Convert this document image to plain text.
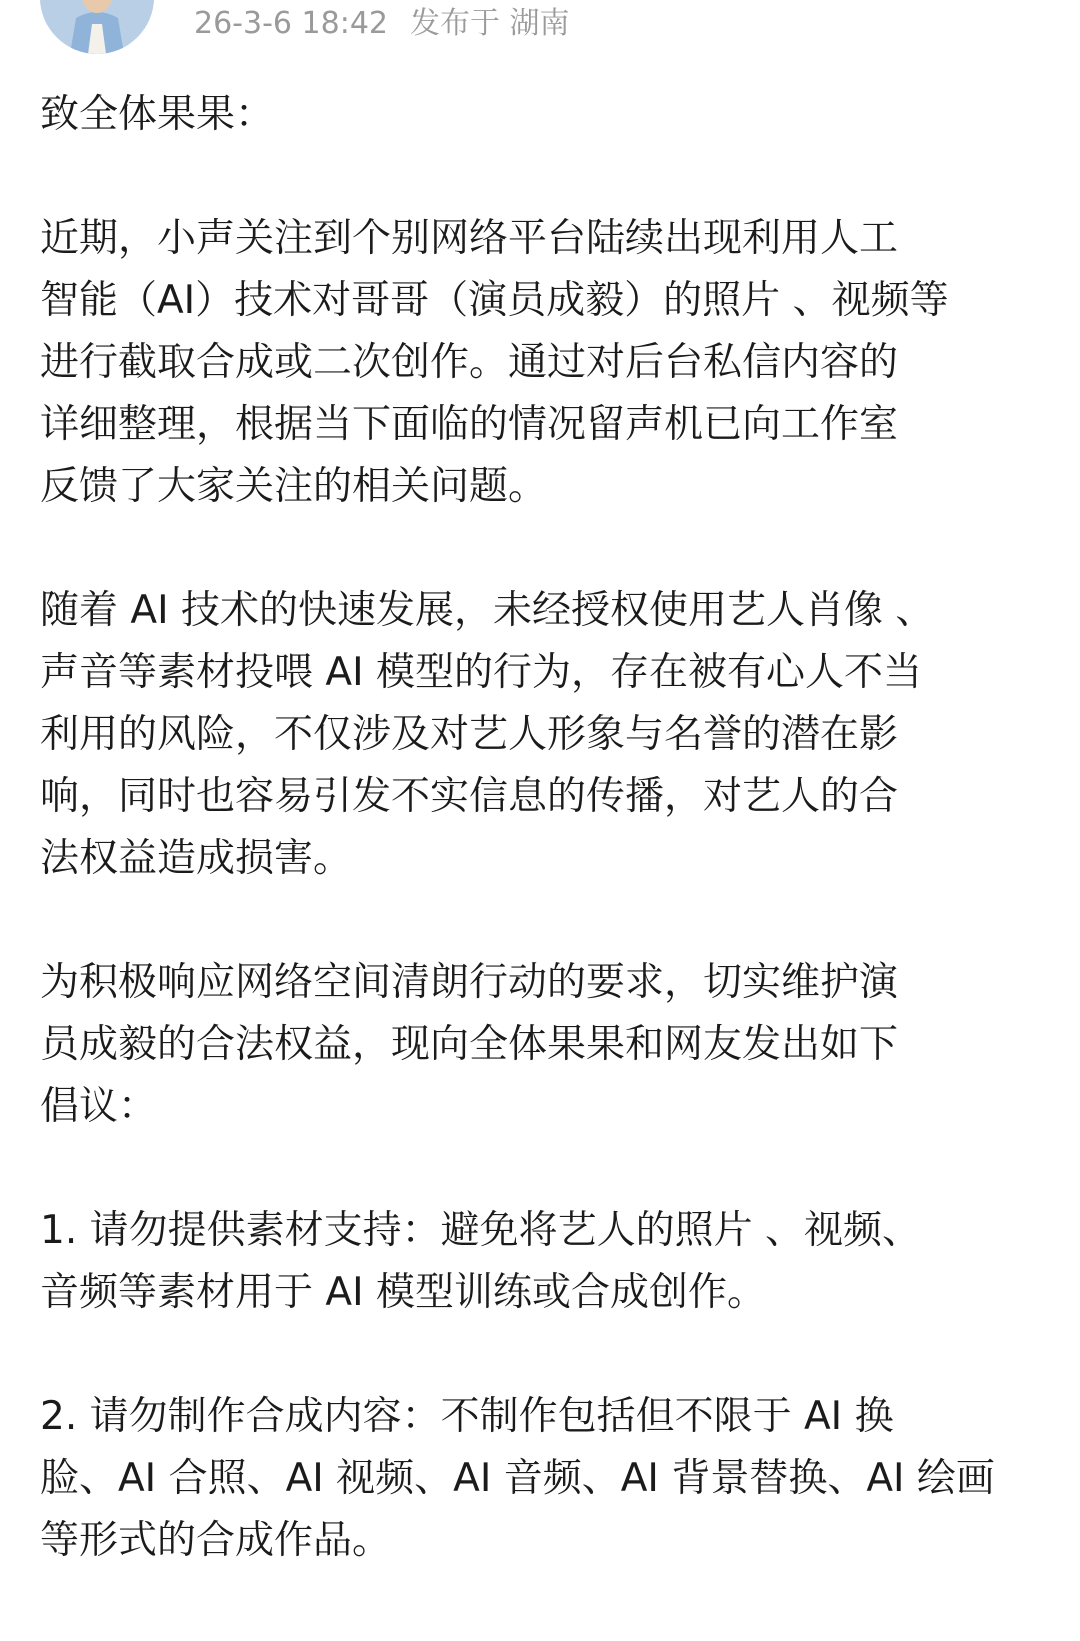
26-3-6 18:42 发布于 湖南

致全体果果：

近期，小声关注到个别网络平台陆续出现利用人工
智能（AI）技术对哥哥（演员成毅）的照片 、视频等
进行截取合成或二次创作。通过对后台私信内容的
详细整理，根据当下面临的情况留声机已向工作室
反馈了大家关注的相关问题。

随着 AI 技术的快速发展，未经授权使用艺人肖像 、
声音等素材投喂 AI 模型的行为，存在被有心人不当
利用的风险，不仅涉及对艺人形象与名誉的潜在影
响，同时也容易引发不实信息的传播，对艺人的合
法权益造成损害。

为积极响应网络空间清朗行动的要求，切实维护演
员成毅的合法权益，现向全体果果和网友发出如下
倡议：

1. 请勿提供素材支持：避免将艺人的照片 、视频、
音频等素材用于 AI 模型训练或合成创作。

2. 请勿制作合成内容：不制作包括但不限于 AI 换
脸、AI 合照、AI 视频、AI 音频、AI 背景替换、AI 绘画
等形式的合成作品。
